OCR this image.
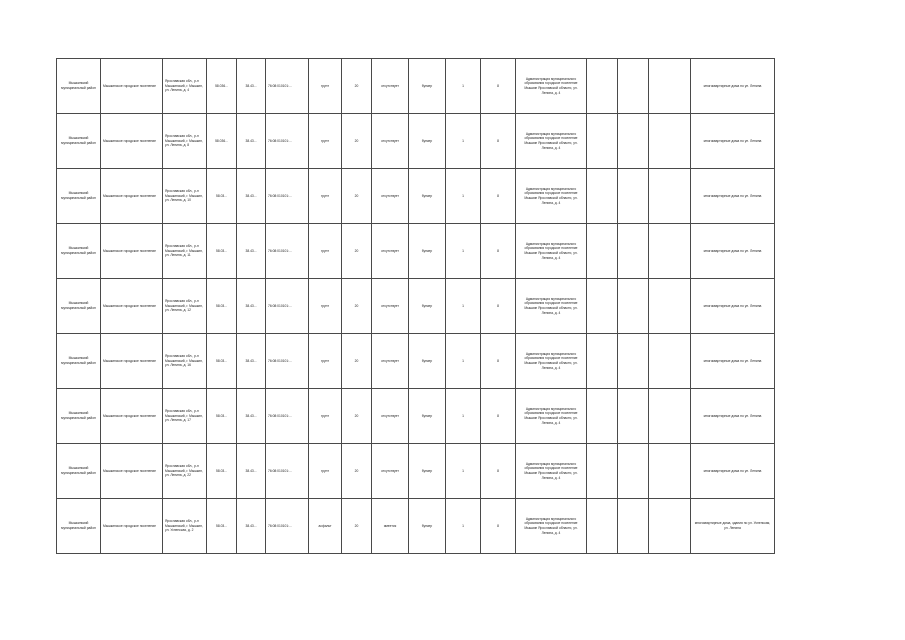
Мышкинский муниципальный район	Мышкинское городское поселение	Ярославская обл., р-н Мышкинский, г. Мышкин, ул. Ленина, д. 4	58.036...	38.43...	76:08:010101:...	грунт	20	отсутствует	бункер	1	8	Администрация муниципального образования городское поселение Мышкин Ярославской области, ул. Ленина, д. 4				многоквартирные дома по ул. Ленина
Мышкинский муниципальный район	Мышкинское городское поселение	Ярославская обл., р-н Мышкинский, г. Мышкин, ул. Ленина, д. 8	58.036...	38.43...	76:08:010101:...	грунт	20	отсутствует	бункер	1	8	Администрация муниципального образования городское поселение Мышкин Ярославской области, ул. Ленина, д. 4				многоквартирные дома по ул. Ленина
Мышкинский муниципальный район	Мышкинское городское поселение	Ярославская обл., р-н Мышкинский, г. Мышкин, ул. Ленина, д. 10	58.03...	38.43...	76:08:010101:...	грунт	20	отсутствует	бункер	1	8	Администрация муниципального образования городское поселение Мышкин Ярославской области, ул. Ленина, д. 4				многоквартирные дома по ул. Ленина
Мышкинский муниципальный район	Мышкинское городское поселение	Ярославская обл., р-н Мышкинский, г. Мышкин, ул. Ленина, д. 11	58.03...	38.43...	76:08:010101:...	грунт	20	отсутствует	бункер	1	8	Администрация муниципального образования городское поселение Мышкин Ярославской области, ул. Ленина, д. 4				многоквартирные дома по ул. Ленина
Мышкинский муниципальный район	Мышкинское городское поселение	Ярославская обл., р-н Мышкинский, г. Мышкин, ул. Ленина, д. 12	58.03...	38.43...	76:08:010101:...	грунт	20	отсутствует	бункер	1	8	Администрация муниципального образования городское поселение Мышкин Ярославской области, ул. Ленина, д. 4				многоквартирные дома по ул. Ленина
Мышкинский муниципальный район	Мышкинское городское поселение	Ярославская обл., р-н Мышкинский, г. Мышкин, ул. Ленина, д. 16	58.03...	38.43...	76:08:010101:...	грунт	20	отсутствует	бункер	1	8	Администрация муниципального образования городское поселение Мышкин Ярославской области, ул. Ленина, д. 4				многоквартирные дома по ул. Ленина
Мышкинский муниципальный район	Мышкинское городское поселение	Ярославская обл., р-н Мышкинский, г. Мышкин, ул. Ленина, д. 17	58.03...	38.43...	76:08:010101:...	грунт	20	отсутствует	бункер	1	8	Администрация муниципального образования городское поселение Мышкин Ярославской области, ул. Ленина, д. 4				многоквартирные дома по ул. Ленина
Мышкинский муниципальный район	Мышкинское городское поселение	Ярославская обл., р-н Мышкинский, г. Мышкин, ул. Ленина, д. 22	58.03...	38.43...	76:08:010101:...	грунт	20	отсутствует	бункер	1	8	Администрация муниципального образования городское поселение Мышкин Ярославской области, ул. Ленина, д. 4				многоквартирные дома по ул. Ленина
Мышкинский муниципальный район	Мышкинское городское поселение	Ярославская обл., р-н Мышкинский, г. Мышкин, ул. Успенская, д. 2	58.03...	38.43...	76:08:010101:...	асфальт	20	имеется	бункер	1	8	Администрация муниципального образования городское поселение Мышкин Ярославской области, ул. Ленина, д. 4				многоквартирные дома, здания по ул. Успенская, ул. Ленина
